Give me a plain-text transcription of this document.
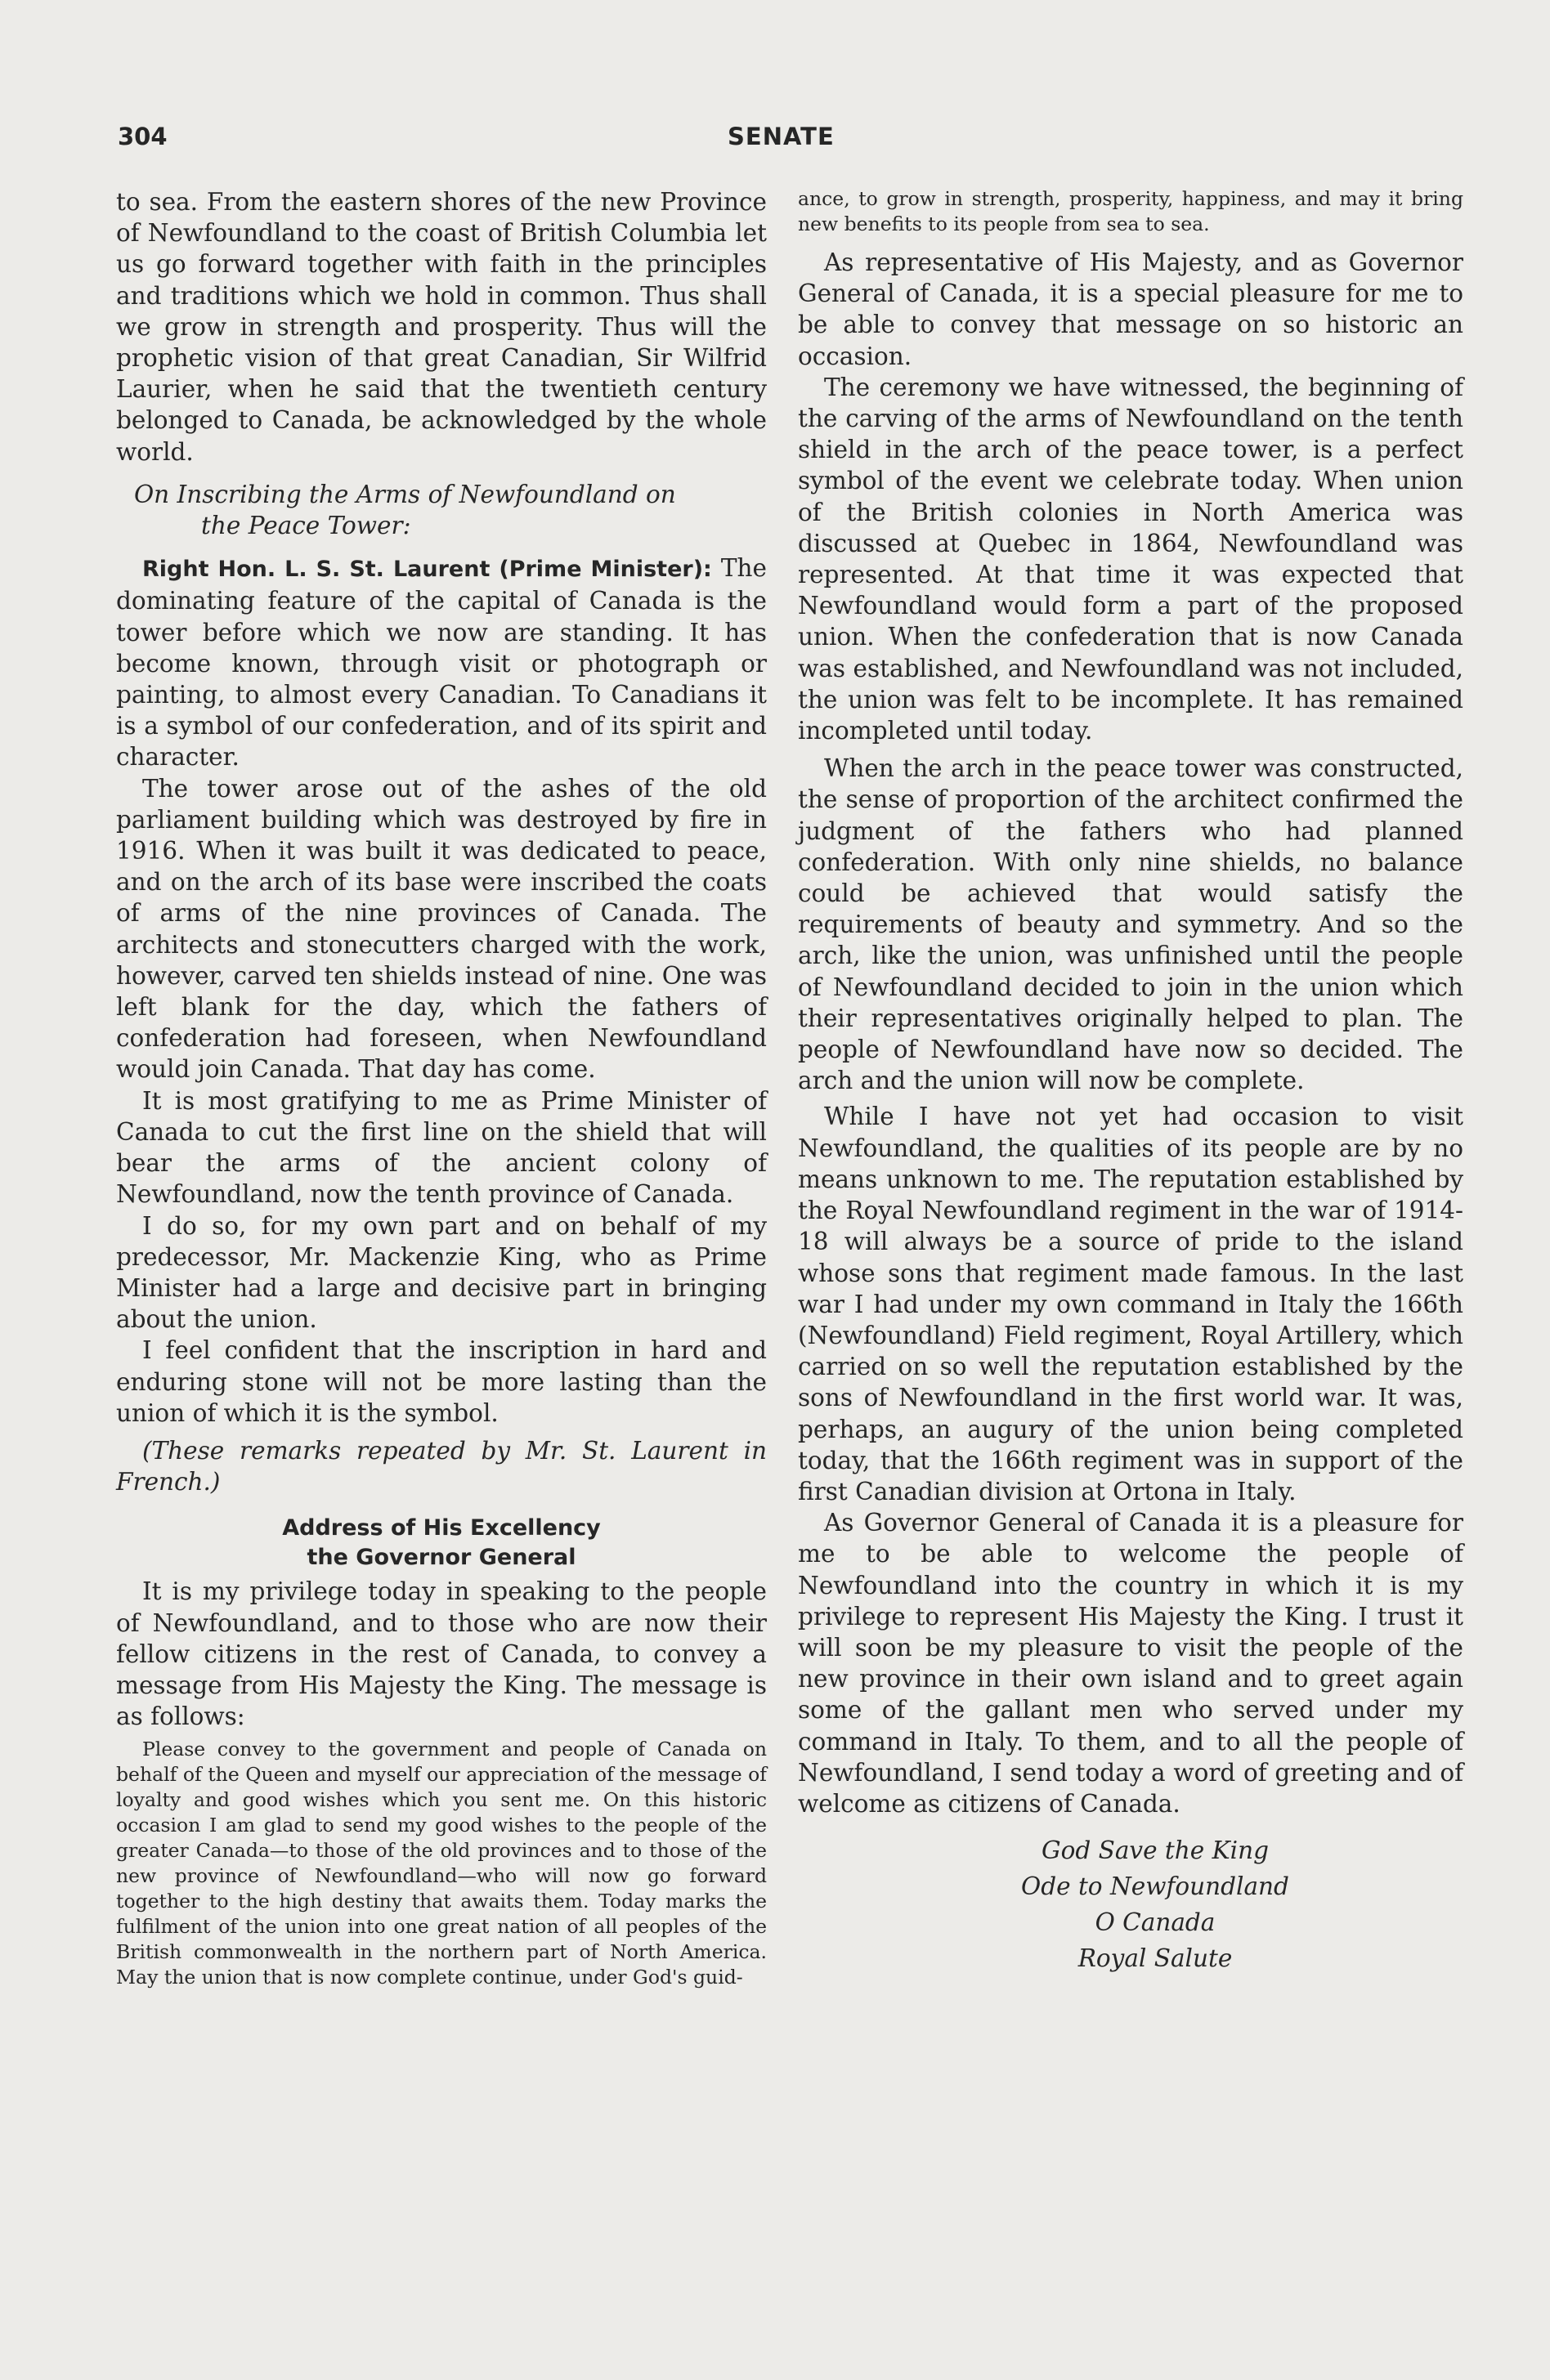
304	SENATE

to sea. From the eastern shores of the new Province of Newfoundland to the coast of British Columbia let us go forward together with faith in the principles and traditions which we hold in common. Thus shall we grow in strength and prosperity. Thus will the prophetic vision of that great Canadian, Sir Wilfrid Laurier, when he said that the twentieth century belonged to Canada, be acknowledged by the whole world.

On Inscribing the Arms of Newfoundland on
the Peace Tower:

Right Hon. L. S. St. Laurent (Prime Minister): The dominating feature of the capital of Canada is the tower before which we now are standing. It has become known, through visit or photograph or painting, to almost every Canadian. To Canadians it is a symbol of our confederation, and of its spirit and character.

The tower arose out of the ashes of the old parliament building which was destroyed by fire in 1916. When it was built it was dedicated to peace, and on the arch of its base were inscribed the coats of arms of the nine provinces of Canada. The architects and stonecutters charged with the work, however, carved ten shields instead of nine. One was left blank for the day, which the fathers of confederation had foreseen, when Newfoundland would join Canada. That day has come.

It is most gratifying to me as Prime Minister of Canada to cut the first line on the shield that will bear the arms of the ancient colony of Newfoundland, now the tenth province of Canada.

I do so, for my own part and on behalf of my predecessor, Mr. Mackenzie King, who as Prime Minister had a large and decisive part in bringing about the union.

I feel confident that the inscription in hard and enduring stone will not be more lasting than the union of which it is the symbol.

(These remarks repeated by Mr. St. Laurent in French.)

Address of His Excellency
the Governor General

It is my privilege today in speaking to the people of Newfoundland, and to those who are now their fellow citizens in the rest of Canada, to convey a message from His Majesty the King. The message is as follows:

Please convey to the government and people of Canada on behalf of the Queen and myself our appreciation of the message of loyalty and good wishes which you sent me. On this historic occasion I am glad to send my good wishes to the people of the greater Canada—to those of the old provinces and to those of the new province of Newfoundland—who will now go forward together to the high destiny that awaits them. Today marks the fulfilment of the union into one great nation of all peoples of the British commonwealth in the northern part of North America. May the union that is now complete continue, under God's guid-

ance, to grow in strength, prosperity, happiness, and may it bring new benefits to its people from sea to sea.

As representative of His Majesty, and as Governor General of Canada, it is a special pleasure for me to be able to convey that message on so historic an occasion.

The ceremony we have witnessed, the beginning of the carving of the arms of Newfoundland on the tenth shield in the arch of the peace tower, is a perfect symbol of the event we celebrate today. When union of the British colonies in North America was discussed at Quebec in 1864, Newfoundland was represented. At that time it was expected that Newfoundland would form a part of the proposed union. When the confederation that is now Canada was established, and Newfoundland was not included, the union was felt to be incomplete. It has remained incompleted until today.

When the arch in the peace tower was constructed, the sense of proportion of the architect confirmed the judgment of the fathers who had planned confederation. With only nine shields, no balance could be achieved that would satisfy the requirements of beauty and symmetry. And so the arch, like the union, was unfinished until the people of Newfoundland decided to join in the union which their representatives originally helped to plan. The people of Newfoundland have now so decided. The arch and the union will now be complete.

While I have not yet had occasion to visit Newfoundland, the qualities of its people are by no means unknown to me. The reputation established by the Royal Newfoundland regiment in the war of 1914-18 will always be a source of pride to the island whose sons that regiment made famous. In the last war I had under my own command in Italy the 166th (Newfoundland) Field regiment, Royal Artillery, which carried on so well the reputation established by the sons of Newfoundland in the first world war. It was, perhaps, an augury of the union being completed today, that the 166th regiment was in support of the first Canadian division at Ortona in Italy.

As Governor General of Canada it is a pleasure for me to be able to welcome the people of Newfoundland into the country in which it is my privilege to represent His Majesty the King. I trust it will soon be my pleasure to visit the people of the new province in their own island and to greet again some of the gallant men who served under my command in Italy. To them, and to all the people of Newfoundland, I send today a word of greeting and of welcome as citizens of Canada.

God Save the King
Ode to Newfoundland
O Canada
Royal Salute
